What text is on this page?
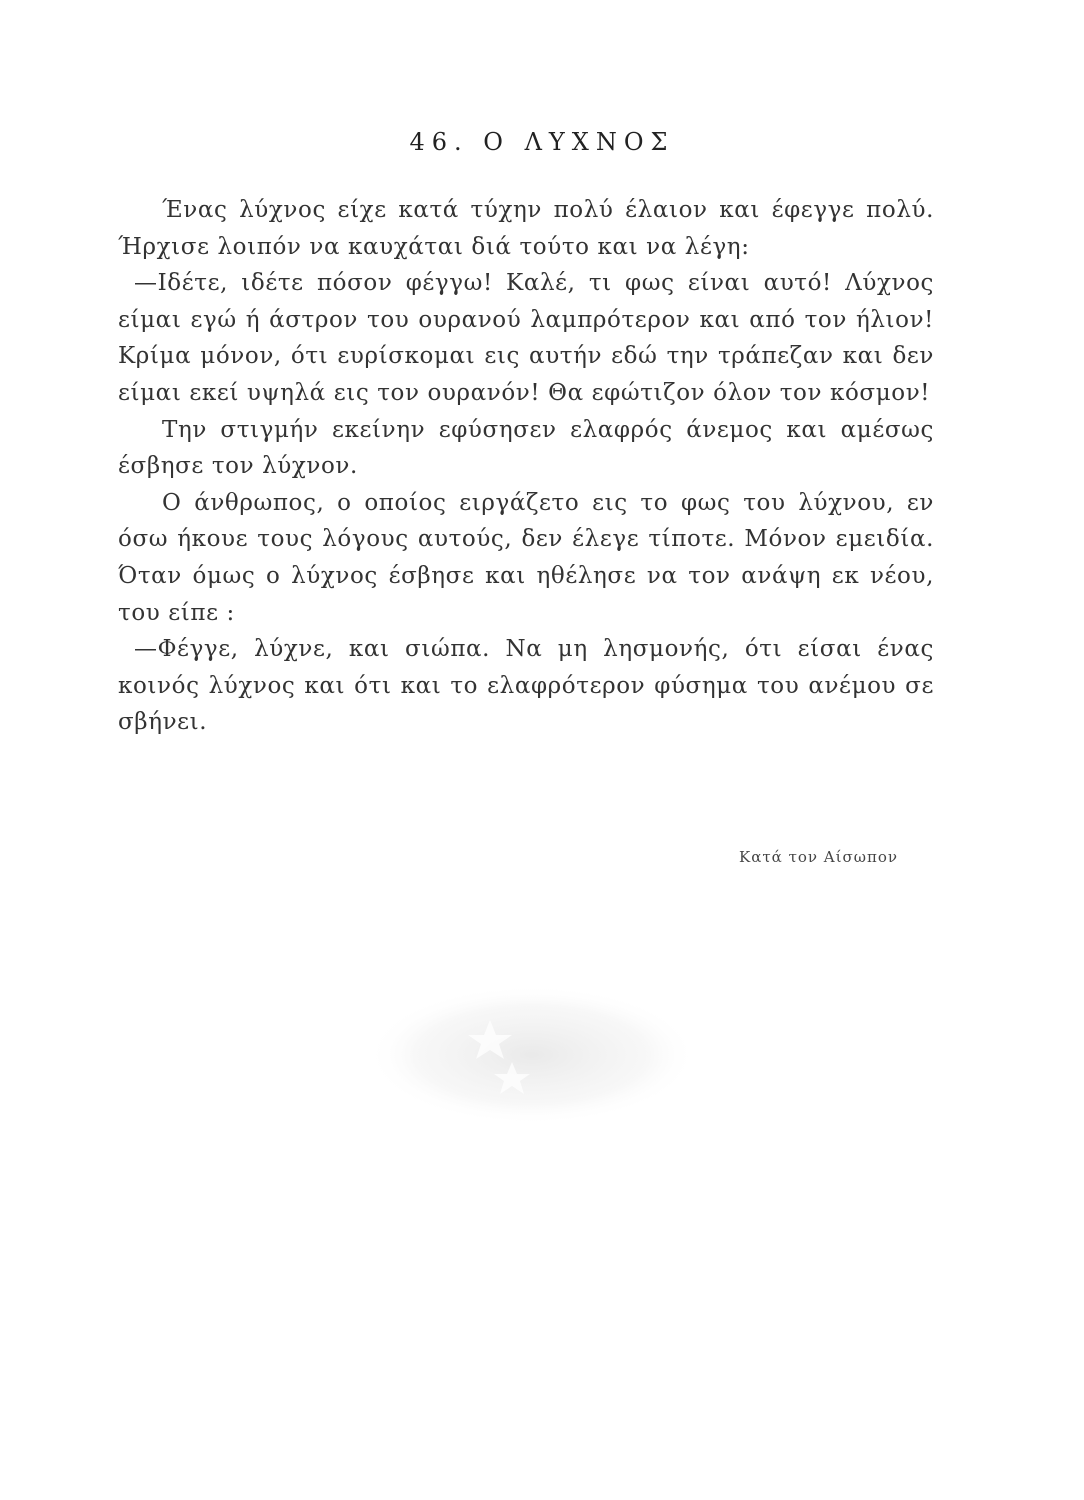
46. Ο ΛΥΧΝΟΣ

Ένας λύχνος είχε κατά τύχην πολύ έλαιον και έφεγγε πολύ. Ήρχισε λοιπόν να καυχάται διά τούτο και να λέγη:

—Ιδέτε, ιδέτε πόσον φέγγω! Καλέ, τι φως είναι αυτό! Λύχνος είμαι εγώ ή άστρον του ουρανού λαμπρότερον και από τον ήλιον! Κρίμα μόνον, ότι ευρίσκομαι εις αυτήν εδώ την τράπεζαν και δεν είμαι εκεί υψηλά εις τον ουρανόν! Θα εφώτιζον όλον τον κόσμον!

Την στιγμήν εκείνην εφύσησεν ελαφρός άνεμος και αμέσως έσβησε τον λύχνον.

Ο άνθρωπος, ο οποίος ειργάζετο εις το φως του λύχνου, εν όσω ήκουε τους λόγους αυτούς, δεν έλεγε τίποτε. Μόνον εμειδία. Όταν όμως ο λύχνος έσβησε και ηθέλησε να τον ανάψη εκ νέου, του είπε :

—Φέγγε, λύχνε, και σιώπα. Να μη λησμονής, ότι είσαι ένας κοινός λύχνος και ότι και το ελαφρότερον φύσημα του ανέμου σε σβήνει.

Κατά τον Αίσωπον
